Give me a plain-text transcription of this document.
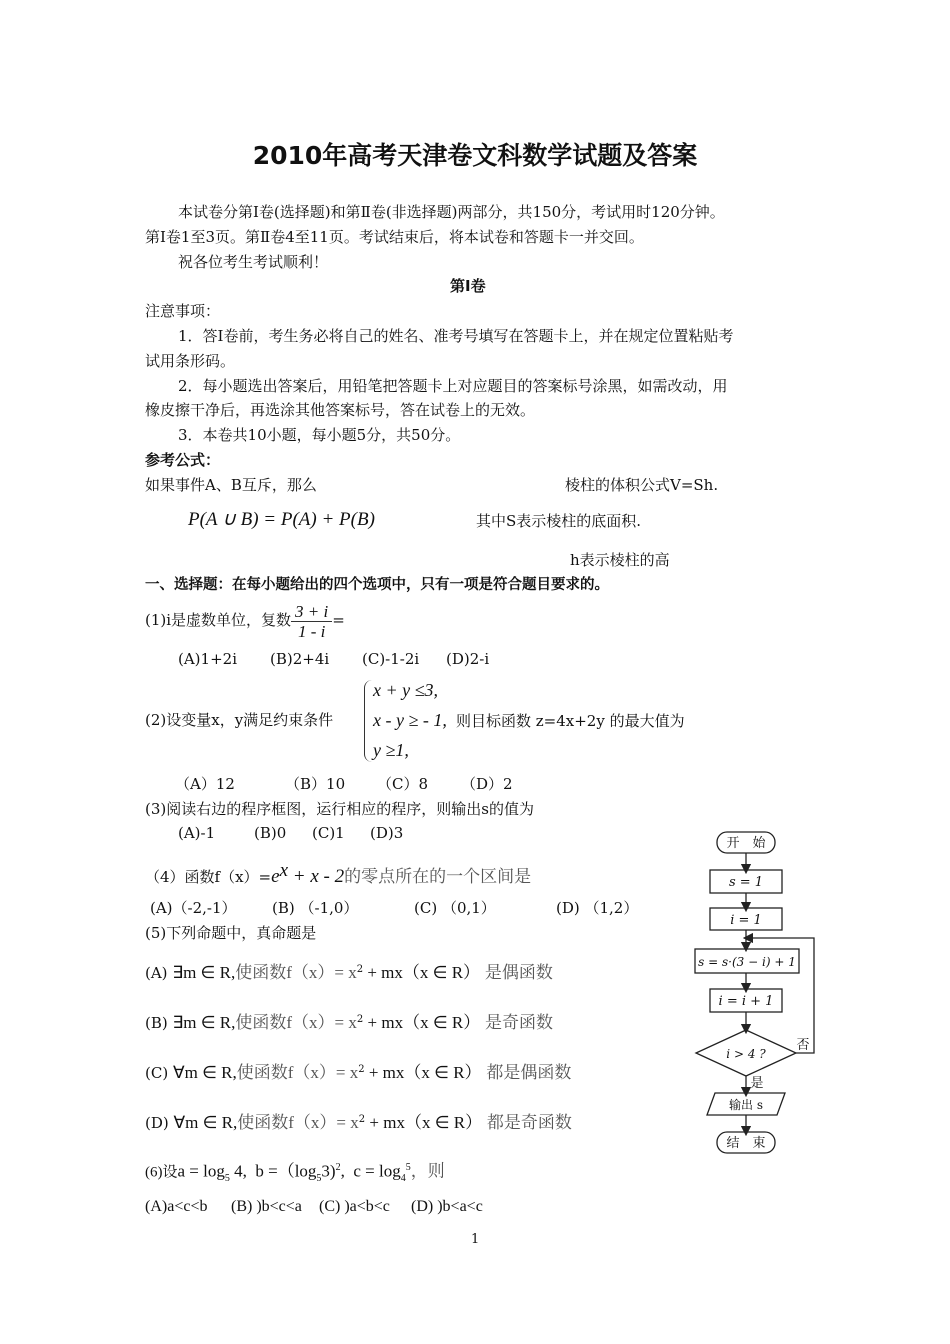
2010年高考天津卷文科数学试题及答案
本试卷分第I卷(选择题)和第Ⅱ卷(非选择题)两部分，共150分，考试用时120分钟。
第I卷1至3页。第Ⅱ卷4至11页。考试结束后，将本试卷和答题卡一并交回。
祝各位考生考试顺利！
第I卷
注意事项：
1．答I卷前，考生务必将自己的姓名、准考号填写在答题卡上，并在规定位置粘贴考
试用条形码。
2．每小题选出答案后，用铅笔把答题卡上对应题目的答案标号涂黑，如需改动，用
橡皮擦干净后，再选涂其他答案标号，答在试卷上的无效。
3．本卷共10小题，每小题5分，共50分。
参考公式：
如果事件A、B互斥，那么	棱柱的体积公式V=Sh.
P(A ∪ B) = P(A) + P(B)	其中S表示棱柱的底面积.
h表示棱柱的高
一、选择题：在每小题给出的四个选项中，只有一项是符合题目要求的。
(1)i是虚数单位，复数 $\frac{3 + i}{1 - i}$ =
(A)1+2i (B)2+4i (C)-1-2i (D)2-i
(2)设变量x，y满足约束条件
x + y ≤3,
x - y ≥ - 1,
y ≥1,
则目标函数 z=4x+2y 的最大值为
（A）12	（B）10 （C）8 （D）2
(3)阅读右边的程序框图，运行相应的程序，则输出s的值为
(A)-1	(B)0 (C)1 (D)3
（4）函数$f(x)=e^x + x - 2$的零点所在的一个区间是
(A)（-2,-1） (B) （-1,0）	(C) （0,1）	(D) （1,2）
(5)下列命题中，真命题是
(A) ∃m ∈ R,使函数$f(x)= x^2 + mx(x$ ∈ R） 是偶函数
(B) ∃m ∈ R,使函数$f(x)= x^2 + mx(x$ ∈ R） 是奇函数
(C) ∀m ∈ R,使函数$f(x)= x^2 + mx(x$ ∈ R） 都是偶函数
(D) ∀m ∈ R,使函数$f(x)= x^2 + mx(x$ ∈ R） 都是奇函数
(6)设$a = \log_5 4$, $b =(\log_53)^2$, $c = \log_4^5$，则
(A)a<c<b (B) )b<c<a (C) )a<b<c (D) )b<a<c
1
开　始
s = 1
i = 1
s = s·(3 − i) + 1
i = i + 1
i > 4 ?
否
是
输出 s
结　束
